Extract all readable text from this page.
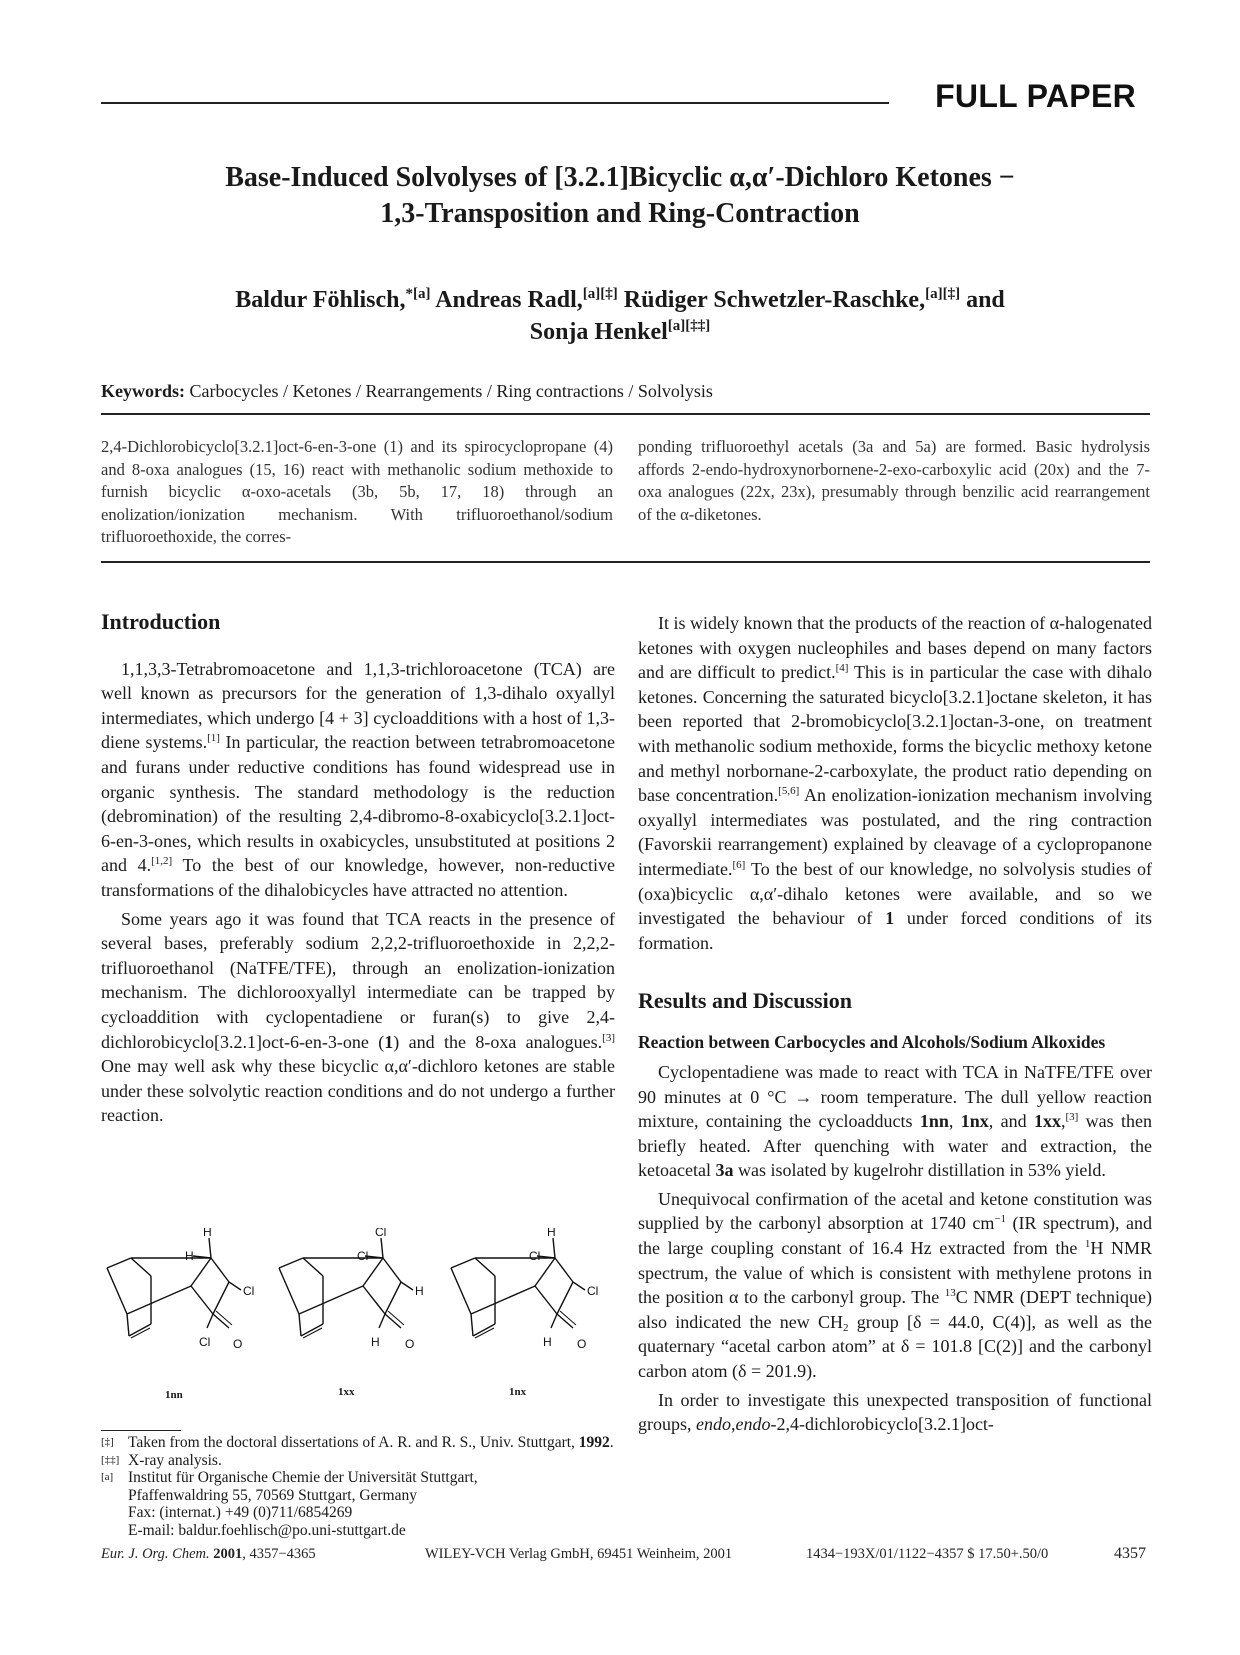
FULL PAPER
Base-Induced Solvolyses of [3.2.1]Bicyclic α,α′-Dichloro Ketones −
1,3-Transposition and Ring-Contraction
Baldur Föhlisch,$^{*[a]}$ Andreas Radl,[a][‡] Rüdiger Schwetzler-Raschke,[a][‡] and
Sonja Henkel[a][‡‡]
Keywords: Carbocycles / Ketones / Rearrangements / Ring contractions / Solvolysis
2,4-Dichlorobicyclo[3.2.1]oct-6-en-3-one (1) and its spirocyclopropane (4) and 8-oxa analogues (15, 16) react with methanolic sodium methoxide to furnish bicyclic α-oxo-acetals (3b, 5b, 17, 18) through an enolization/ionization mechanism. With trifluoroethanol/sodium trifluoroethoxide, the corres-
ponding trifluoroethyl acetals (3a and 5a) are formed. Basic hydrolysis affords 2-endo-hydroxynorbornene-2-exo-carboxylic acid (20x) and the 7-oxa analogues (22x, 23x), presumably through benzilic acid rearrangement of the α-diketones.
Introduction

1,1,3,3-Tetrabromoacetone and 1,1,3-trichloroacetone (TCA) are well known as precursors for the generation of 1,3-dihalo oxyallyl intermediates, which undergo [4 + 3] cycloadditions with a host of 1,3-diene systems.[1] In particular, the reaction between tetrabromoacetone and furans under reductive conditions has found widespread use in organic synthesis. The standard methodology is the reduction (debromination) of the resulting 2,4-dibromo-8-oxabicyclo[3.2.1]oct-6-en-3-ones, which results in oxabicycles, unsubstituted at positions 2 and 4.[1,2] To the best of our knowledge, however, non-reductive transformations of the dihalobicycles have attracted no attention.

Some years ago it was found that TCA reacts in the presence of several bases, preferably sodium 2,2,2-trifluoroethoxide in 2,2,2-trifluoroethanol (NaTFE/TFE), through an enolization-ionization mechanism. The dichlorooxyallyl intermediate can be trapped by cycloaddition with cyclopentadiene or furan(s) to give 2,4-dichlorobicyclo[3.2.1]oct-6-en-3-one (1) and the 8-oxa analogues.[3] One may well ask why these bicyclic α,α′-dichloro ketones are stable under these solvolytic reaction conditions and do not undergo a further reaction.

H
H
Cl
Cl O
Cl
Cl
H
H O
H
Cl
Cl
H O
1nn	1xx	1nx
[‡] Taken from the doctoral dissertations of A. R. and R. S., Univ. Stuttgart, 1992.
[‡‡] X-ray analysis.
[a] Institut für Organische Chemie der Universität Stuttgart,
Pfaffenwaldring 55, 70569 Stuttgart, Germany
Fax: (internat.) +49 (0)711/6854269
E-mail: baldur.foehlisch@po.uni-stuttgart.de

It is widely known that the products of the reaction of α-halogenated ketones with oxygen nucleophiles and bases depend on many factors and are difficult to predict.[4] This is in particular the case with dihalo ketones. Concerning the saturated bicyclo[3.2.1]octane skeleton, it has been reported that 2-bromobicyclo[3.2.1]octan-3-one, on treatment with methanolic sodium methoxide, forms the bicyclic methoxy ketone and methyl norbornane-2-carboxylate, the product ratio depending on base concentration.[5,6] An enolization-ionization mechanism involving oxyallyl intermediates was postulated, and the ring contraction (Favorskii rearrangement) explained by cleavage of a cyclopropanone intermediate.[6] To the best of our knowledge, no solvolysis studies of (oxa)bicyclic α,α′-dihalo ketones were available, and so we investigated the behaviour of 1 under forced conditions of its formation.

Results and Discussion
Reaction between Carbocycles and Alcohols/Sodium Alkoxides

Cyclopentadiene was made to react with TCA in NaTFE/TFE over 90 minutes at 0 °C → room temperature. The dull yellow reaction mixture, containing the cycloadducts 1nn, 1nx, and 1xx,[3] was then briefly heated. After quenching with water and extraction, the ketoacetal 3a was isolated by kugelrohr distillation in 53% yield.

Unequivocal confirmation of the acetal and ketone constitution was supplied by the carbonyl absorption at 1740 $cm^{-1}$ (IR spectrum), and the large coupling constant of 16.4 Hz extracted from the $^1$H NMR spectrum, the value of which is consistent with methylene protons in the position α to the carbonyl group. The $^{13}$C NMR (DEPT technique) also indicated the new $CH_2$ group [δ = 44.0, C(4)], as well as the quaternary “acetal carbon atom” at δ = 101.8 [C(2)] and the carbonyl carbon atom (δ = 201.9).

In order to investigate this unexpected transposition of functional groups, endo,endo-2,4-dichlorobicyclo[3.2.1]oct-

Eur. J. Org. Chem. 2001, 4357−4365	WILEY-VCH Verlag GmbH, 69451 Weinheim, 2001	1434−193X/01/1122−4357 $ 17.50+.50/0	4357
